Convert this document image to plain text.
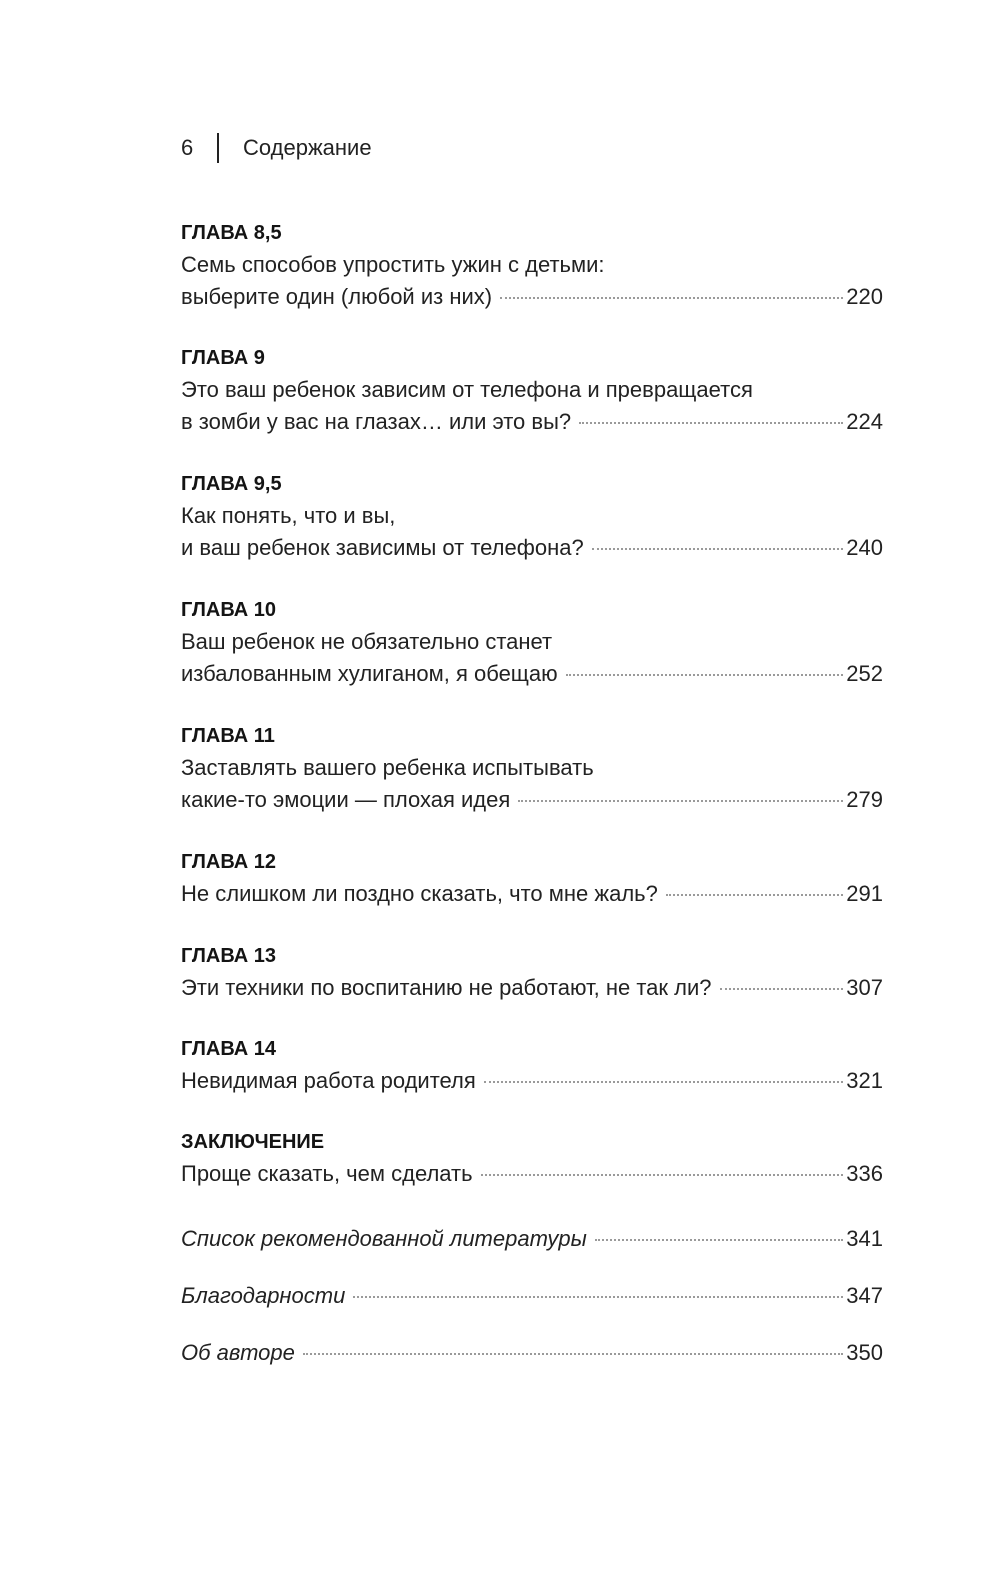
6	Содержание
ГЛАВА 8,5
Семь способов упростить ужин с детьми:
выберите один (любой из них)	220
ГЛАВА 9
Это ваш ребенок зависим от телефона и превращается
в зомби у вас на глазах… или это вы?	224
ГЛАВА 9,5
Как понять, что и вы,
и ваш ребенок зависимы от телефона?	240
ГЛАВА 10
Ваш ребенок не обязательно станет
избалованным хулиганом, я обещаю	252
ГЛАВА 11
Заставлять вашего ребенка испытывать
какие-то эмоции — плохая идея	279
ГЛАВА 12
Не слишком ли поздно сказать, что мне жаль?	291
ГЛАВА 13
Эти техники по воспитанию не работают, не так ли?	307
ГЛАВА 14
Невидимая работа родителя	321
ЗАКЛЮЧЕНИЕ
Проще сказать, чем сделать	336
Список рекомендованной литературы	341
Благодарности	347
Об авторе	350
